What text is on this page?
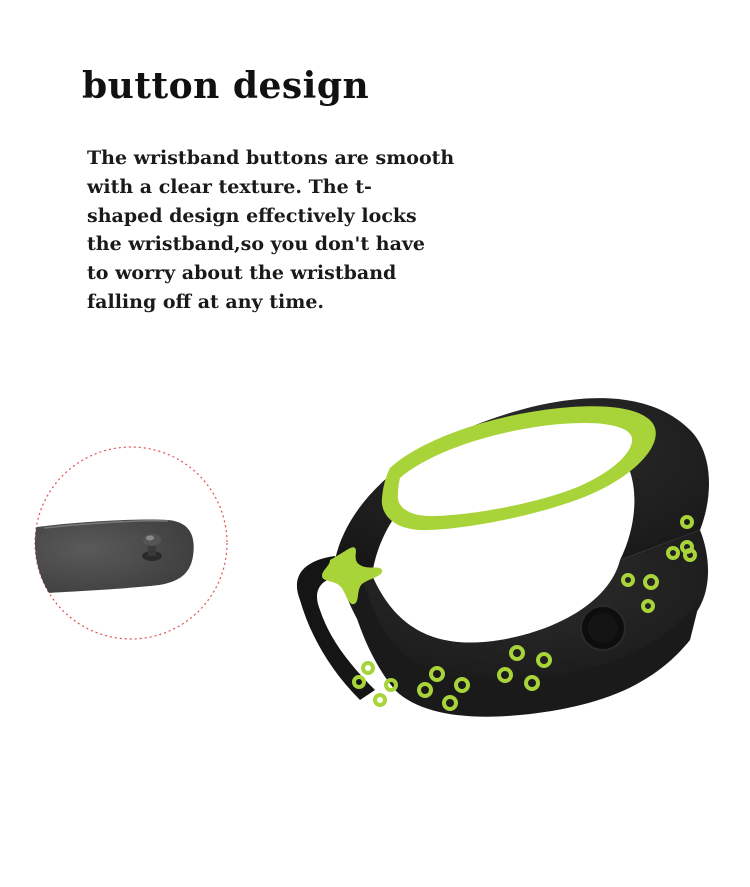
button design

The wristband buttons are smooth
with a clear texture. The t-
shaped design effectively locks
the wristband,so you don't have
to worry about the wristband
falling off at any time.
